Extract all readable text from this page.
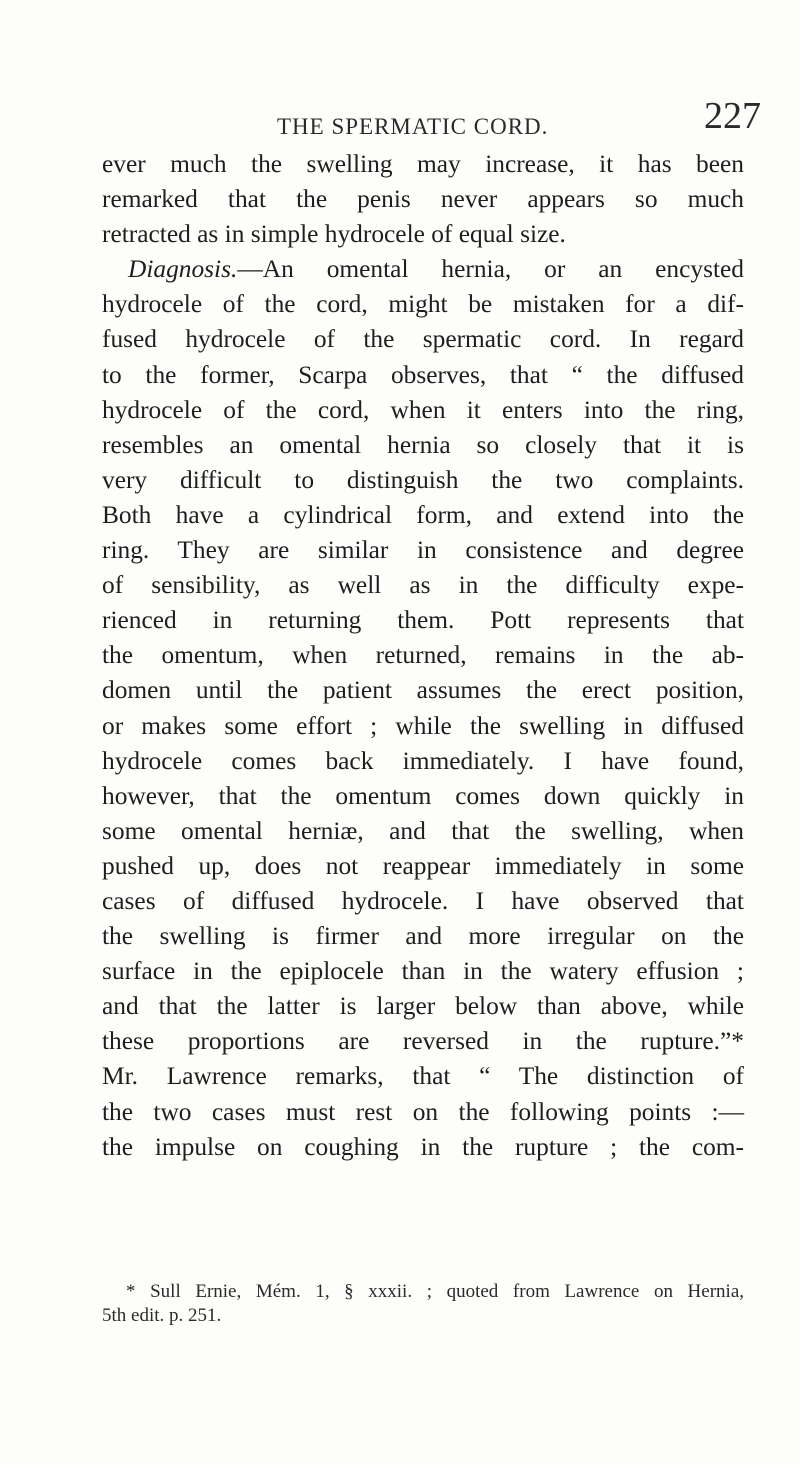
THE SPERMATIC CORD.	227
ever much the swelling may increase, it has been
remarked that the penis never appears so much
retracted as in simple hydrocele of equal size.
Diagnosis.—An omental hernia, or an encysted
hydrocele of the cord, might be mistaken for a dif-
fused hydrocele of the spermatic cord. In regard
to the former, Scarpa observes, that “ the diffused
hydrocele of the cord, when it enters into the ring,
resembles an omental hernia so closely that it is
very difficult to distinguish the two complaints.
Both have a cylindrical form, and extend into the
ring. They are similar in consistence and degree
of sensibility, as well as in the difficulty expe-
rienced in returning them. Pott represents that
the omentum, when returned, remains in the ab-
domen until the patient assumes the erect position,
or makes some effort ; while the swelling in diffused
hydrocele comes back immediately. I have found,
however, that the omentum comes down quickly in
some omental herniæ, and that the swelling, when
pushed up, does not reappear immediately in some
cases of diffused hydrocele. I have observed that
the swelling is firmer and more irregular on the
surface in the epiplocele than in the watery effusion ;
and that the latter is larger below than above, while
these proportions are reversed in the rupture.”*
Mr. Lawrence remarks, that “ The distinction of
the two cases must rest on the following points :—
the impulse on coughing in the rupture ; the com-
* Sull Ernie, Mém. 1, § xxxii. ; quoted from Lawrence on Hernia,
5th edit. p. 251.
